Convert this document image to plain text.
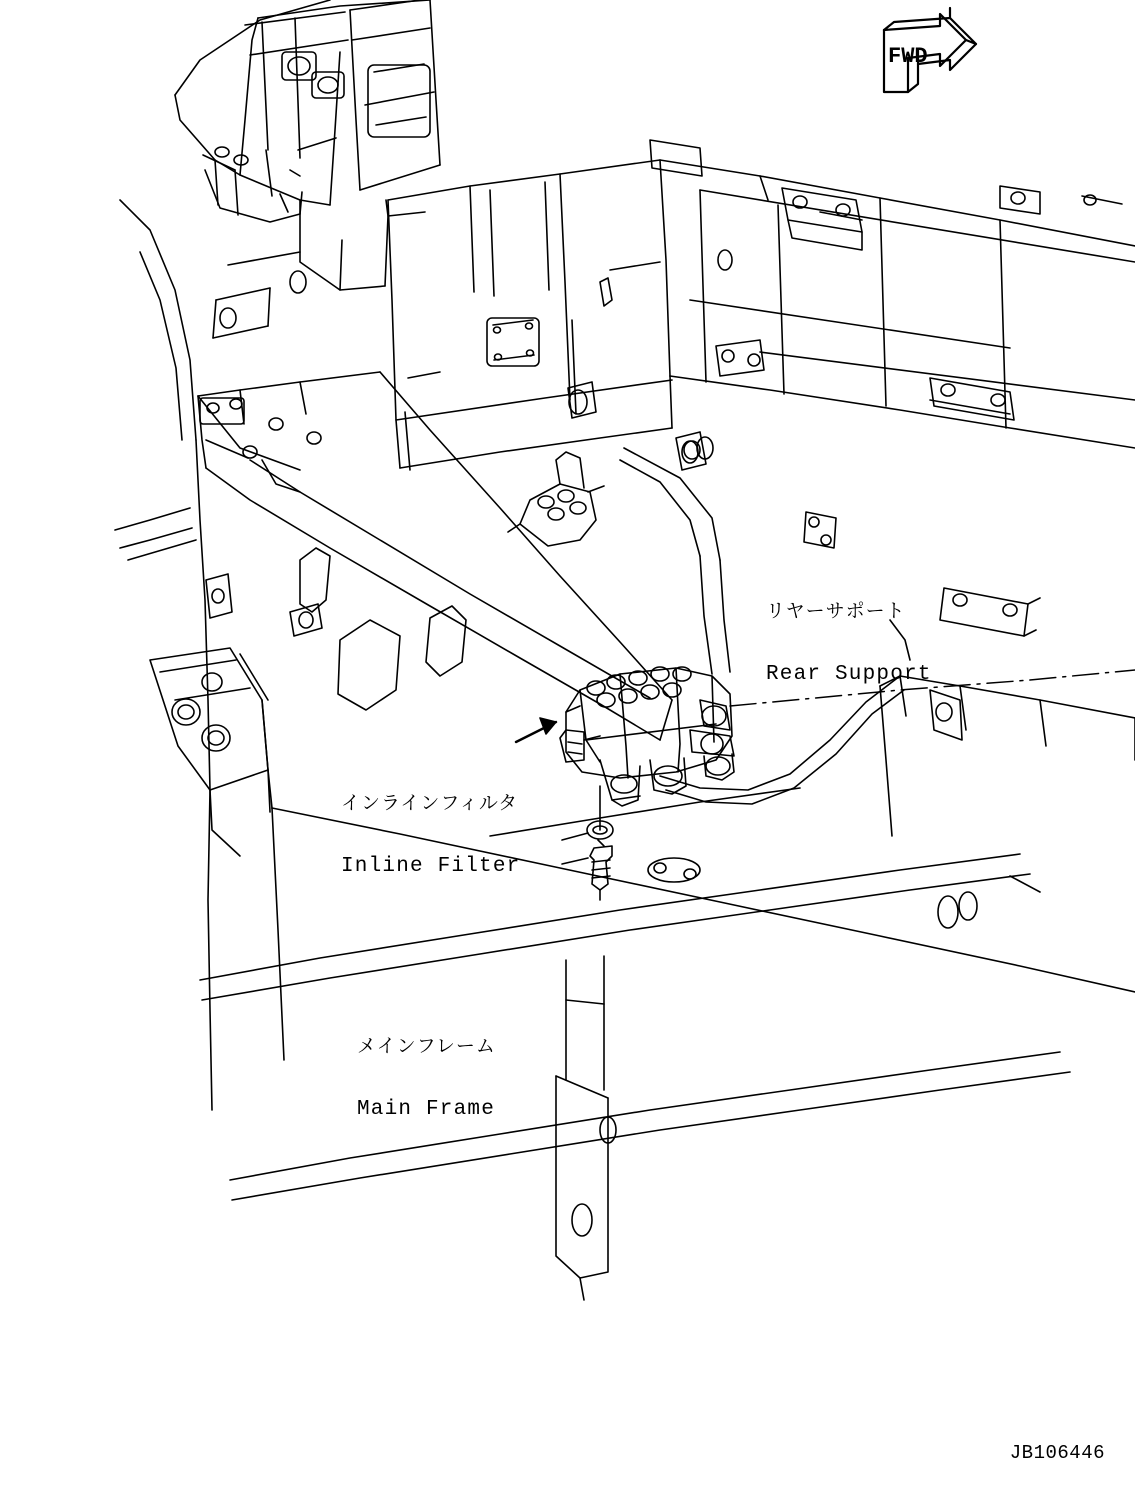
リヤーサポート

Rear Support

インラインフィルタ

Inline Filter

メインフレーム

Main Frame

FWD
JB106446
